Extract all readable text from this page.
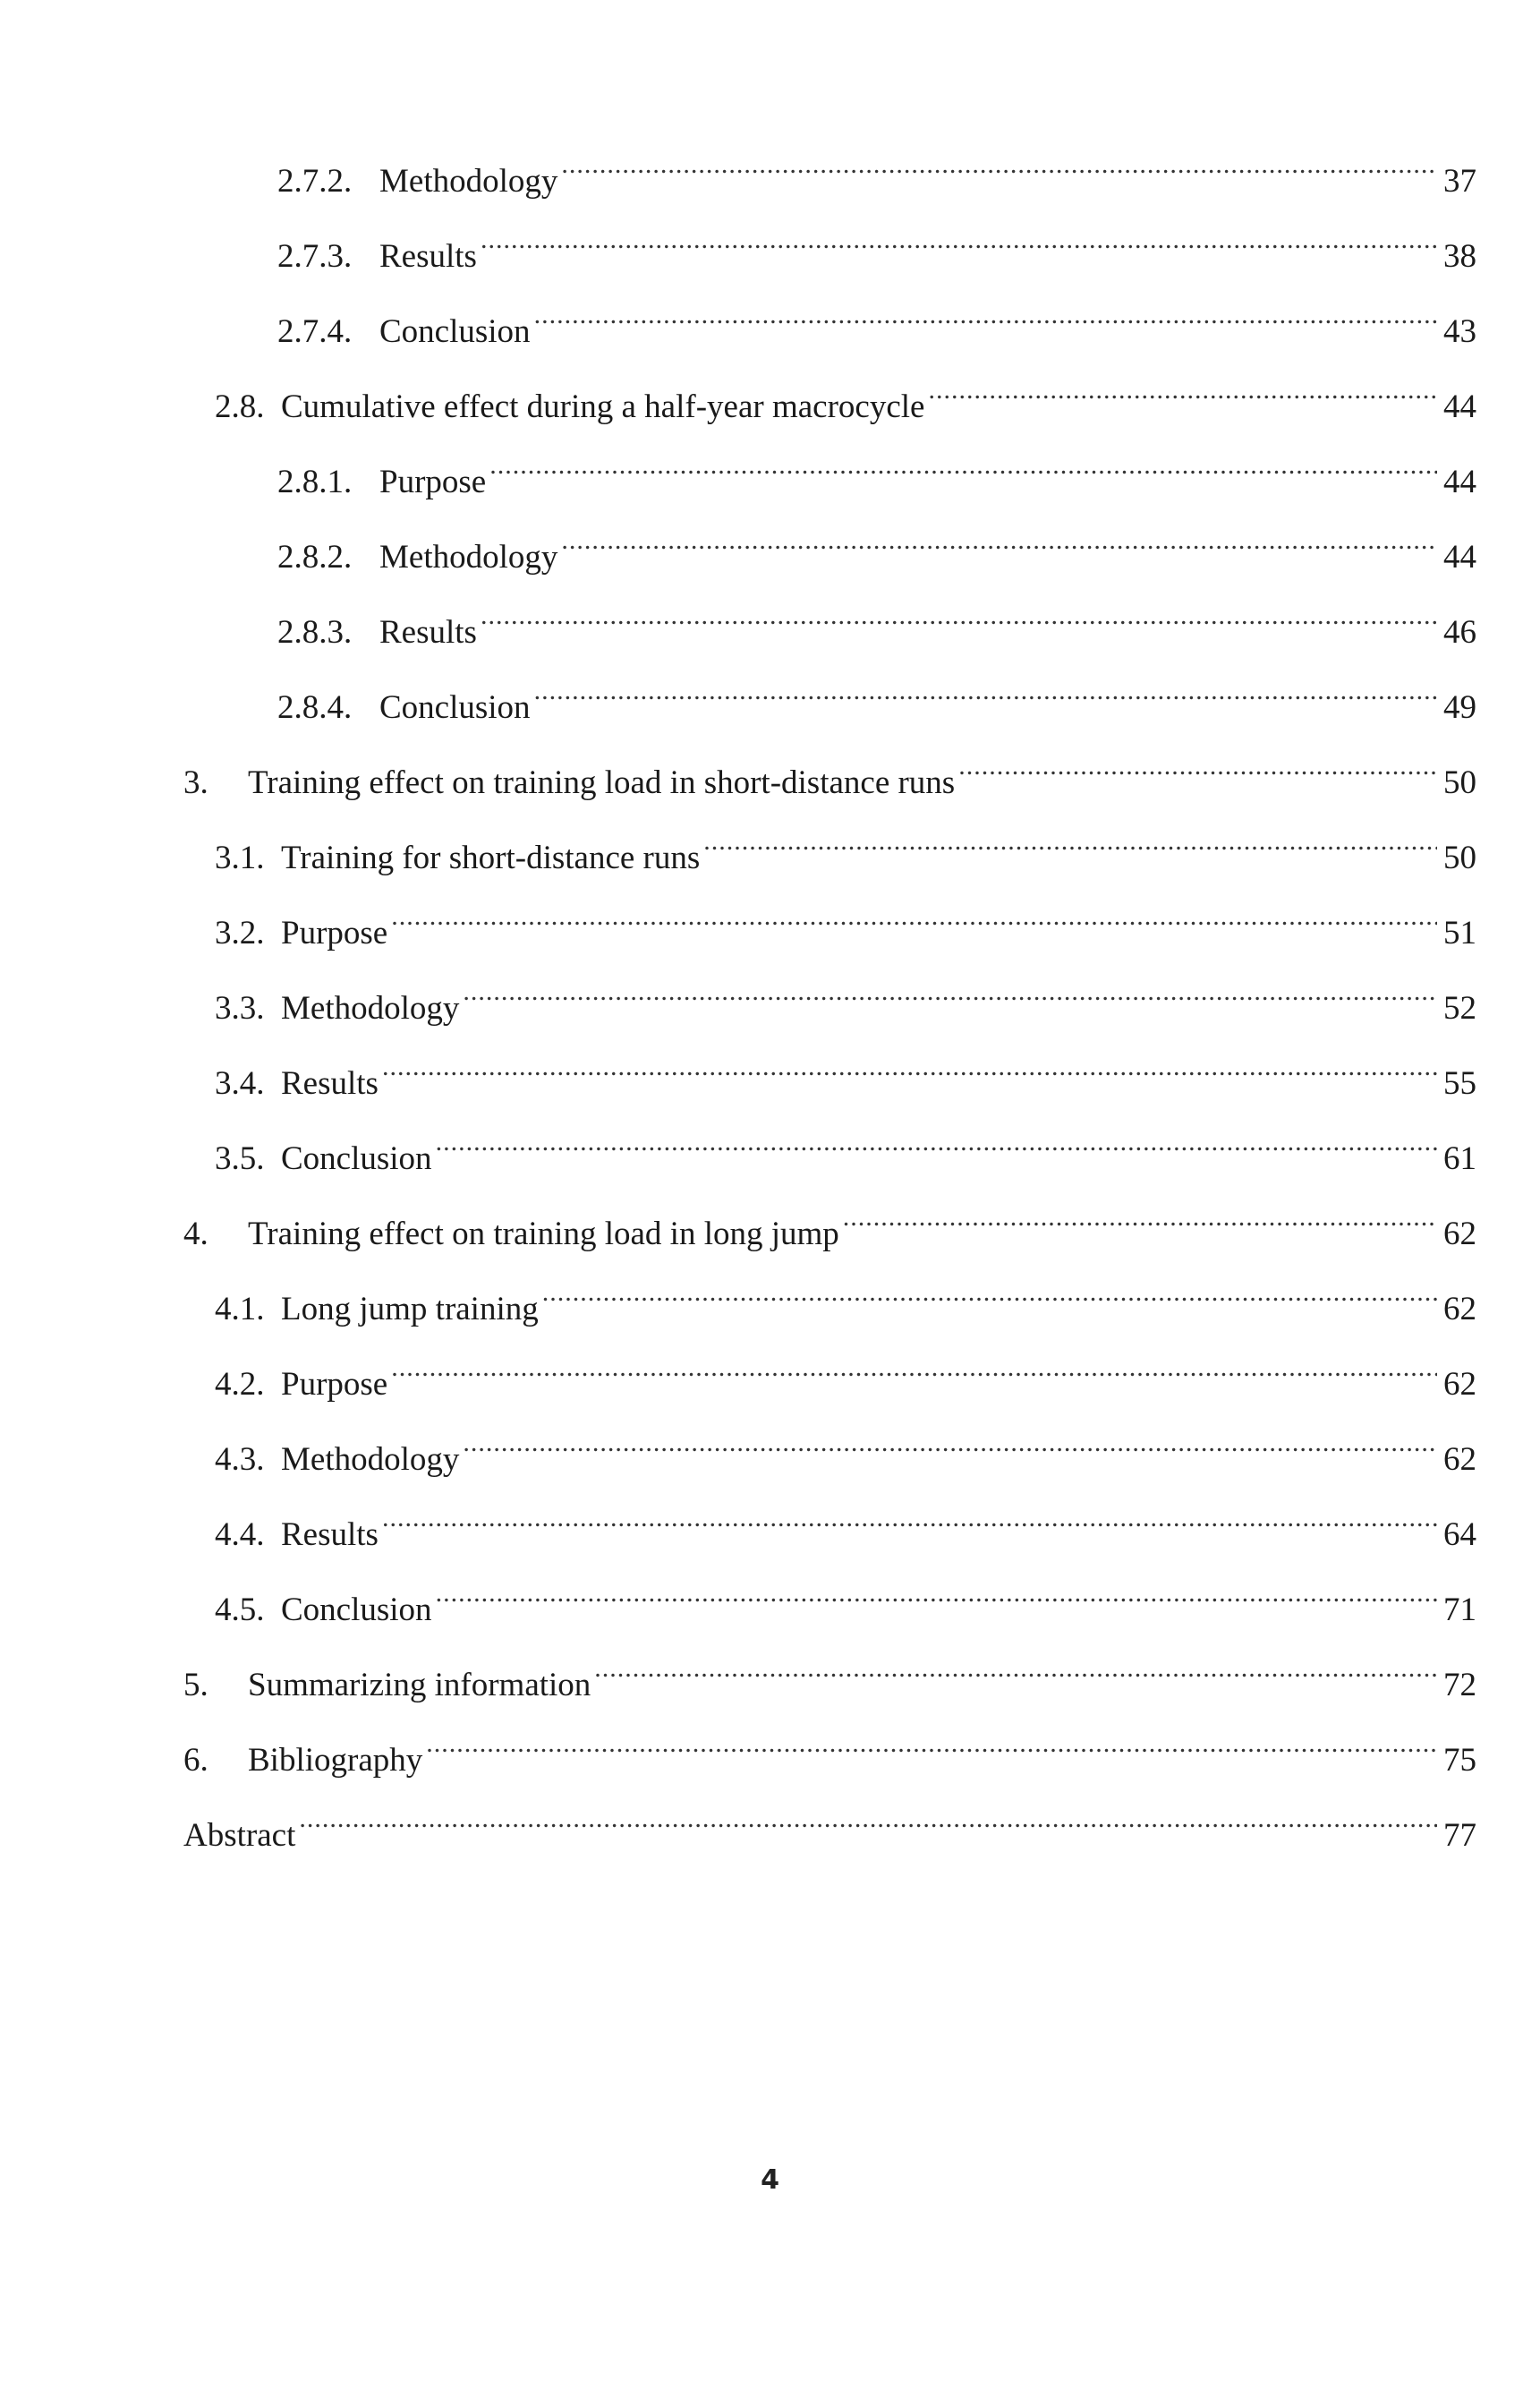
2.7.2. Methodology .....	37
2.7.3. Results .....	38
2.7.4. Conclusion .....	43
2.8. Cumulative effect during a half-year macrocycle .....	44
2.8.1. Purpose .....	44
2.8.2. Methodology .....	44
2.8.3. Results .....	46
2.8.4. Conclusion .....	49
3.	Training effect on training load in short-distance runs .....	50
3.1. Training for short-distance runs .....	50
3.2. Purpose .....	51
3.3. Methodology .....	52
3.4. Results .....	55
3.5. Conclusion .....	61
4.	Training effect on training load in long jump .....	62
4.1. Long jump training .....	62
4.2. Purpose .....	62
4.3. Methodology .....	62
4.4. Results .....	64
4.5. Conclusion .....	71
5.	Summarizing information .....	72
6.	Bibliography .....	75
Abstract .....	77
4
